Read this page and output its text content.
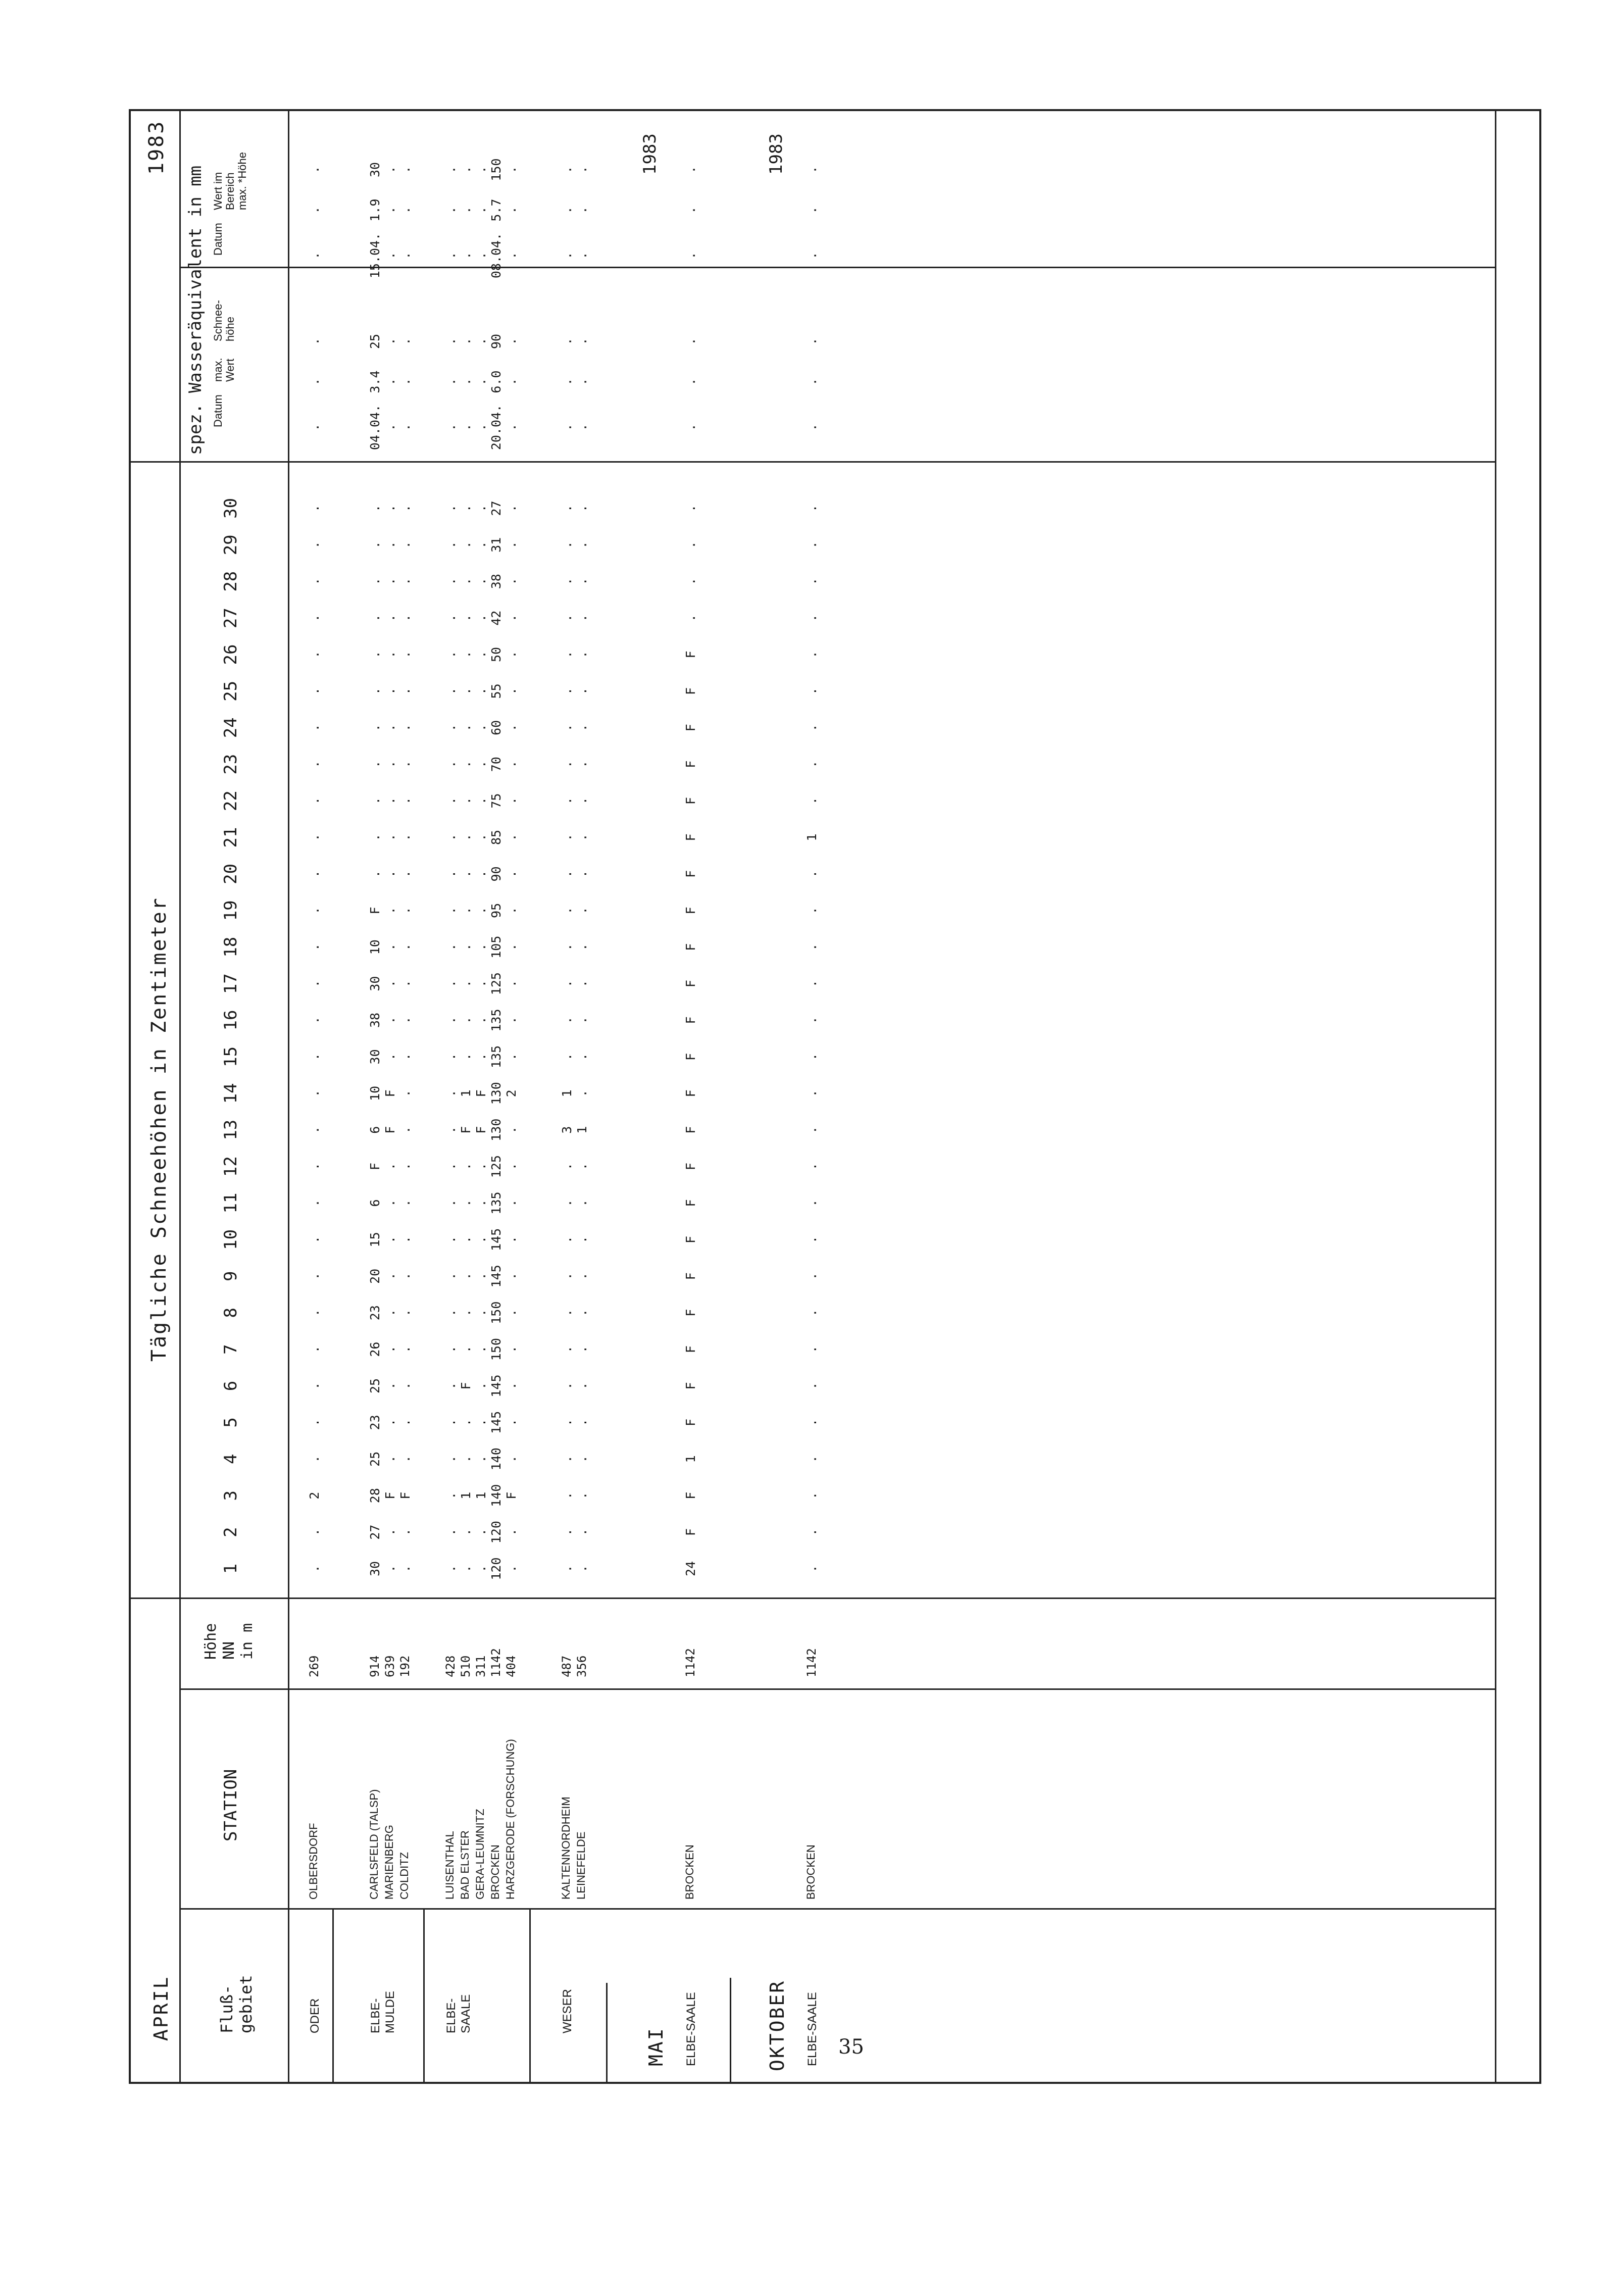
APRIL
Tägliche Schneehöhen in Zentimeter
1983
spez. Wasseräquivalent in mm Datum
max.
Wert
Schnee-
höhe
Datum
Wert im
Bereich
max. *Höhe
Fluß-
gebiet
STATION
Höhe
NN
in m
1
2
3
4
5
6
7
8
9
10
11
12
13
14
15
16
17
18
19
20
21
22
23
24
25
26
27
28
29
30
ODER
OLBERSDORF
269
.
.
2
.
.
.
.
.
.
.
.
.
.
.
.
.
.
.
.
.
.
.
.
.
.
.
.
.
.
.
.
.
.
.
.
.
ELBE-
MULDE
CARLSFELD (TALSP)
914
30
27
28
25
23
25
26
23
20
15
6
F
6
10
30
38
30
10
F
.
.
.
.
.
.
.
.
.
.
.
04.04.
3.4
25
15.04.
1.9
30
MARIENBERG
639
.
.
F
.
.
.
.
.
.
.
.
.
F
F
.
.
.
.
.
.
.
.
.
.
.
.
.
.
.
.
.
.
.
.
.
.
COLDITZ
192
.
.
F
.
.
.
.
.
.
.
.
.
.
.
.
.
.
.
.
.
.
.
.
.
.
.
.
.
.
.
.
.
.
.
.
.
ELBE-
SAALE
LUISENTHAL
428
.
.
.
.
.
.
.
.
.
.
.
.
.
.
.
.
.
.
.
.
.
.
.
.
.
.
.
.
.
.
.
.
.
.
.
.
BAD ELSTER
510
.
.
1
.
.
F
.
.
.
.
.
.
F
1
.
.
.
.
.
.
.
.
.
.
.
.
.
.
.
.
.
.
.
.
.
.
GERA-LEUMNITZ
311
.
.
1
.
.
.
.
.
.
.
.
.
F
F
.
.
.
.
.
.
.
.
.
.
.
.
.
.
.
.
.
.
.
.
.
.
BROCKEN
1142
120
120
140
140
145
145
150
150
145
145
135
125
130
130
135
135
125
105
95
90
85
75
70
60
55
50
42
38
31
27
20.04.
6.0
90
08.04.
5.7
150
HARZGERODE (FORSCHUNG)
404
.
.
F
.
.
.
.
.
.
.
.
.
.
2
.
.
.
.
.
.
.
.
.
.
.
.
.
.
.
.
.
.
.
.
.
.
WESER
KALTENNORDHEIM
487
.
.
.
.
.
.
.
.
.
.
.
.
3
1
.
.
.
.
.
.
.
.
.
.
.
.
.
.
.
.
.
.
.
.
.
.
LEINEFELDE
356
.
.
.
.
.
.
.
.
.
.
.
.
1
.
.
.
.
.
.
.
.
.
.
.
.
.
.
.
.
.
.
.
.
.
.
.
ELBE-SAALE
BROCKEN
1142
24
F
F
1
F
F
F
F
F
F
F
F
F
F
F
F
F
F
F
F
F
F
F
F
F
F
.
.
.
.
.
.
.
.
.
.
ELBE-SAALE
BROCKEN
1142
.
.
.
.
.
.
.
.
.
.
.
.
.
.
.
.
.
.
.
.
1
.
.
.
.
.
.
.
.
.
.
.
.
.
.
.
MAI	OKTOBER
1983	1983
35
